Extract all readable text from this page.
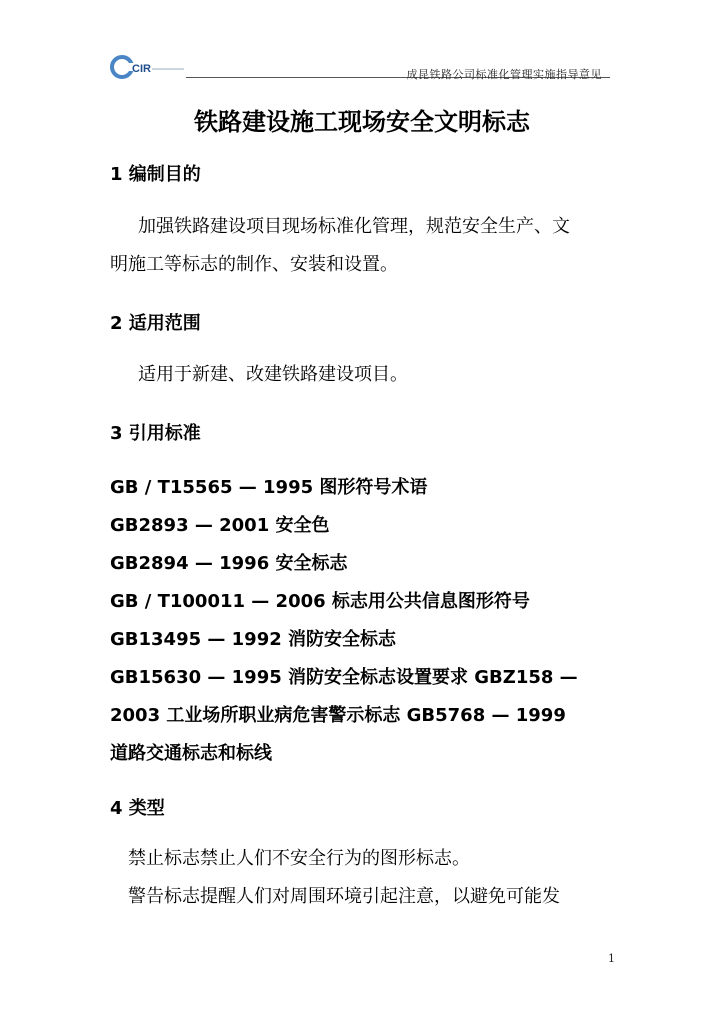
CIR	成昆铁路公司标准化管理实施指导意见
铁路建设施工现场安全文明标志
1 编制目的
加强铁路建设项目现场标准化管理，规范安全生产、文
明施工等标志的制作、安装和设置。
2 适用范围
适用于新建、改建铁路建设项目。
3 引用标准
GB / T15565 — 1995 图形符号术语
GB2893 — 2001 安全色
GB2894 — 1996 安全标志
GB / T100011 — 2006 标志用公共信息图形符号
GB13495 — 1992 消防安全标志
GB15630 — 1995 消防安全标志设置要求 GBZ158 —
2003 工业场所职业病危害警示标志 GB5768 — 1999
道路交通标志和标线
4 类型
禁止标志禁止人们不安全行为的图形标志。
警告标志提醒人们对周围环境引起注意，以避免可能发
1
